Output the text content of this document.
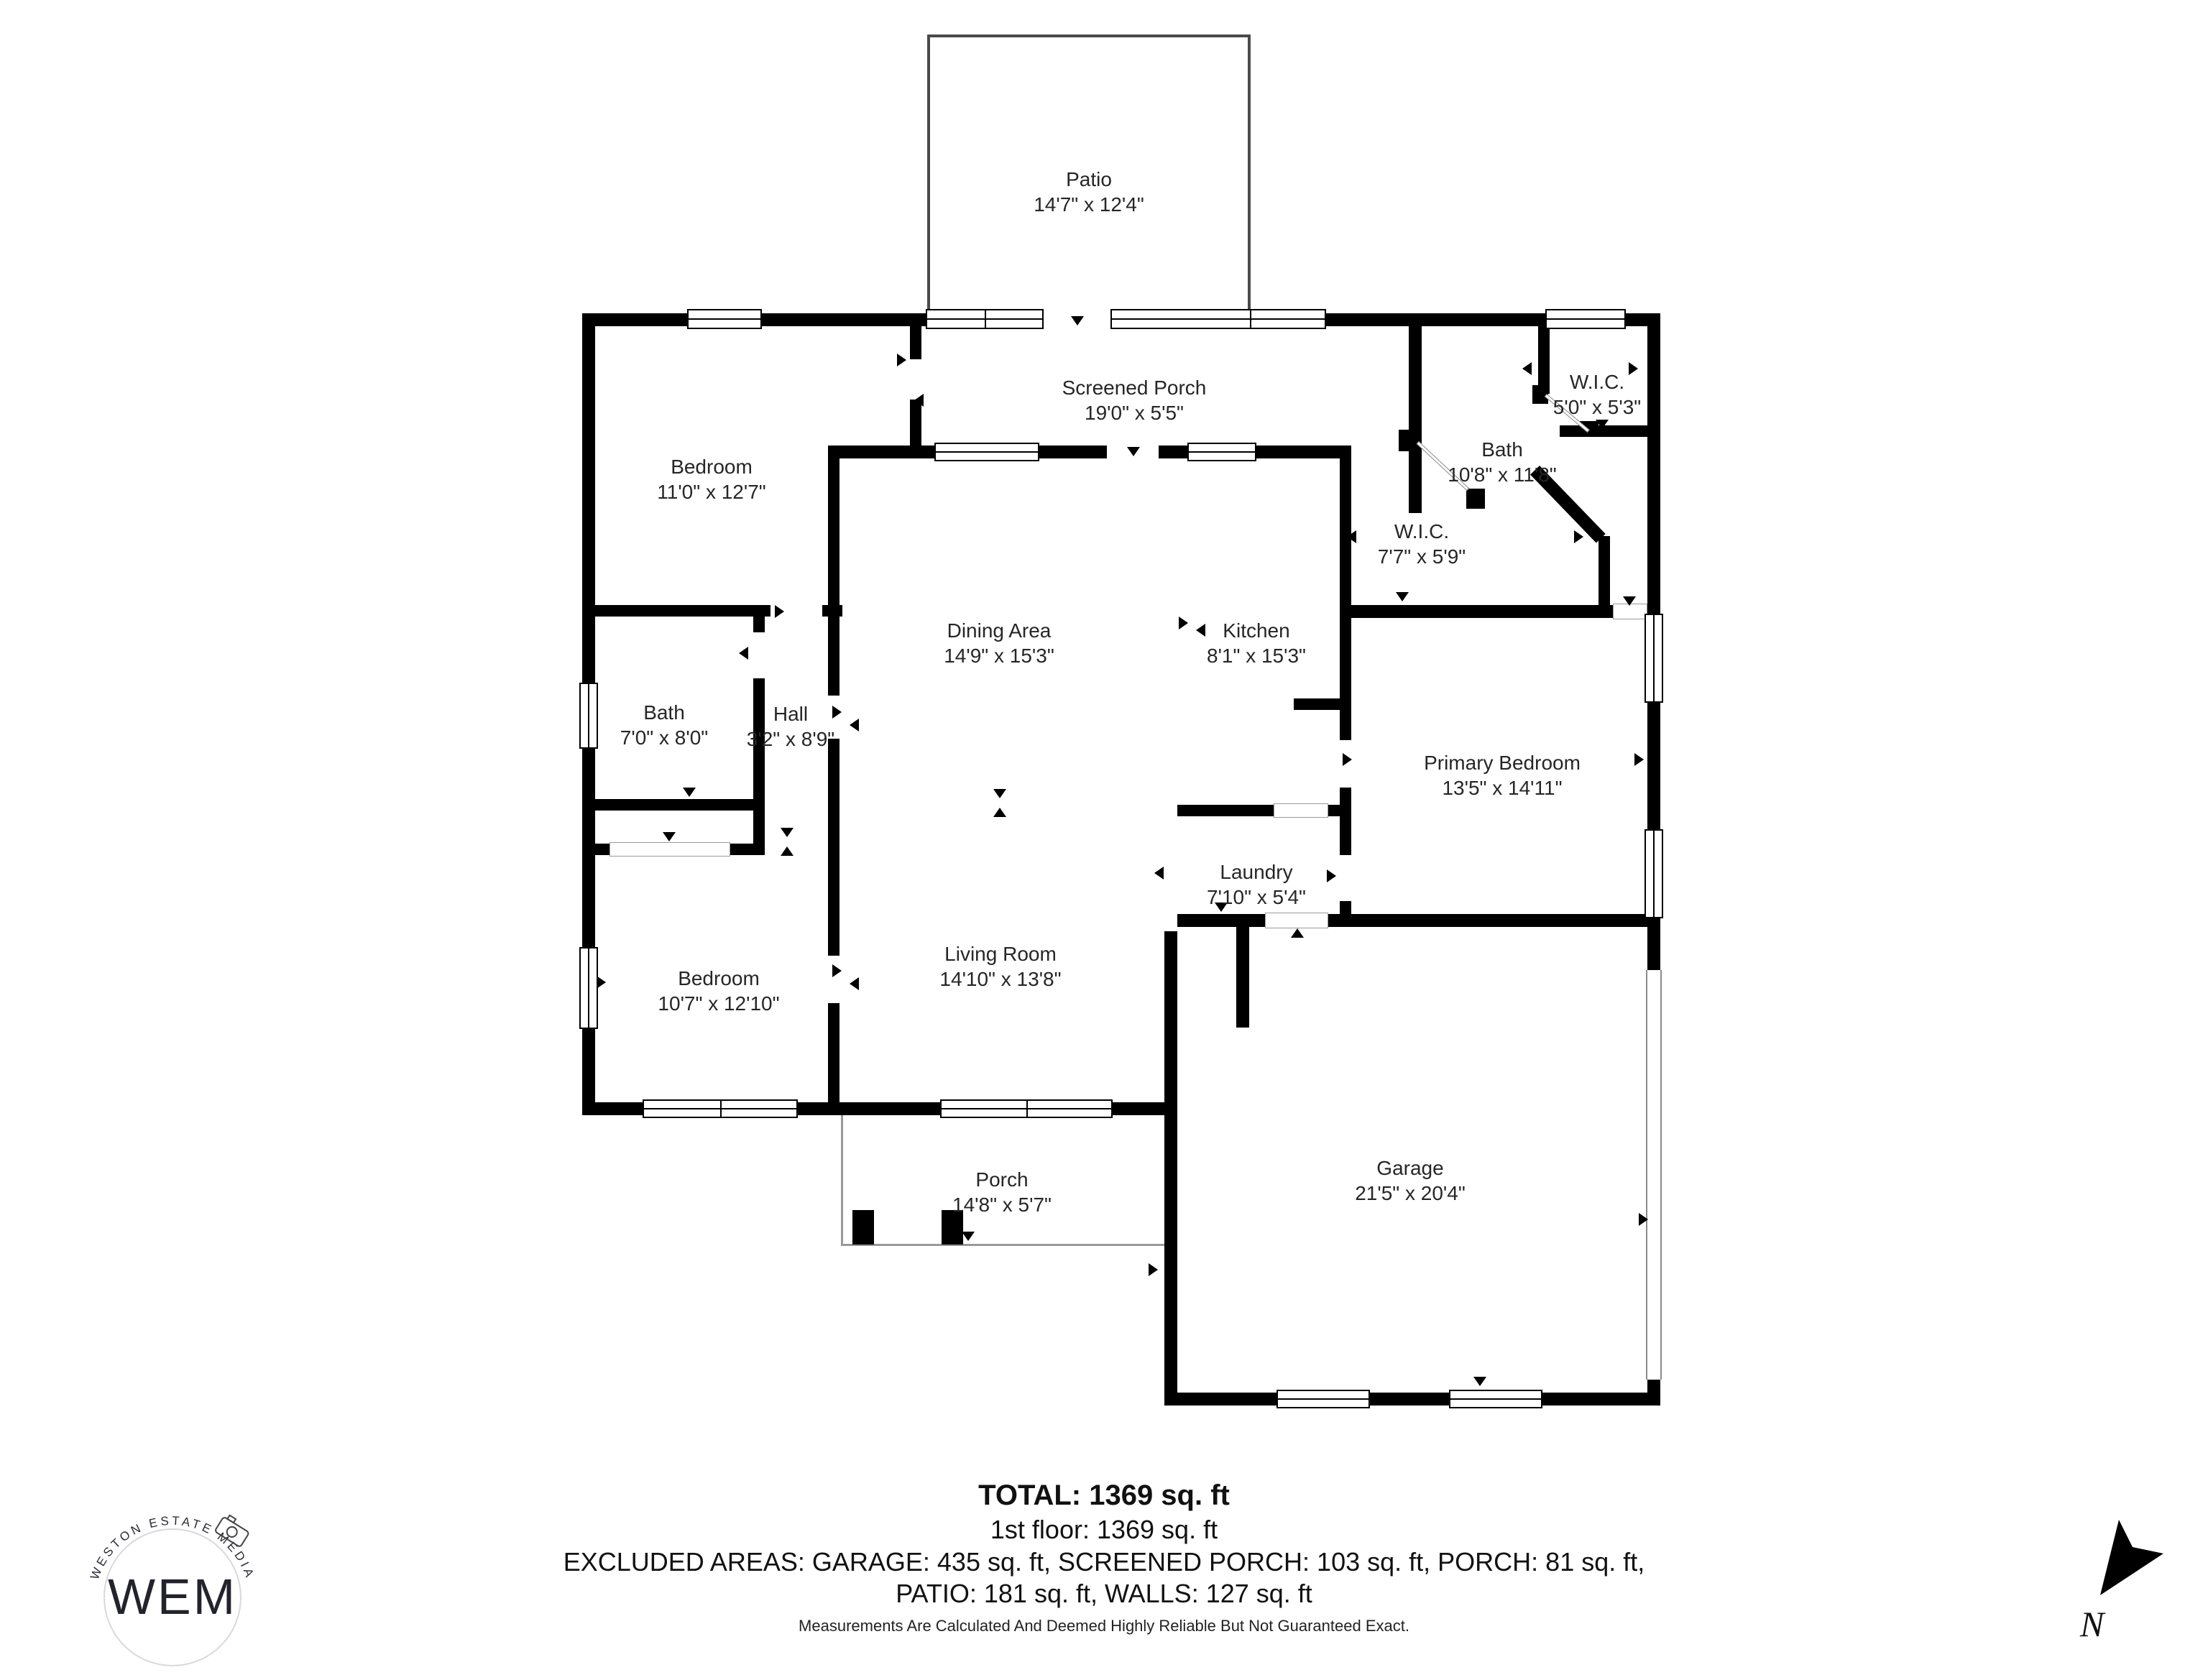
Patio
14'7" x 12'4"
Screened Porch
19'0" x 5'5"
W.I.C.
5'0" x 5'3"
Bath
10'8" x 11'8"
W.I.C.
7'7" x 5'9"
Bedroom
11'0" x 12'7"
Dining Area
14'9" x 15'3"
Kitchen
8'1" x 15'3"
Bath
7'0" x 8'0"
Hall
3'2" x 8'9"
Primary Bedroom
13'5" x 14'11"
Laundry
7'10" x 5'4"
Bedroom
10'7" x 12'10"
Living Room
14'10" x 13'8"
Porch
14'8" x 5'7"
Garage
21'5" x 20'4"
TOTAL: 1369 sq. ft
1st floor: 1369 sq. ft
EXCLUDED AREAS: GARAGE: 435 sq. ft, SCREENED PORCH: 103 sq. ft, PORCH: 81 sq. ft,
PATIO: 181 sq. ft, WALLS: 127 sq. ft
Measurements Are Calculated And Deemed Highly Reliable But Not Guaranteed Exact.
WESTON ESTATE MEDIA
WEM	N
